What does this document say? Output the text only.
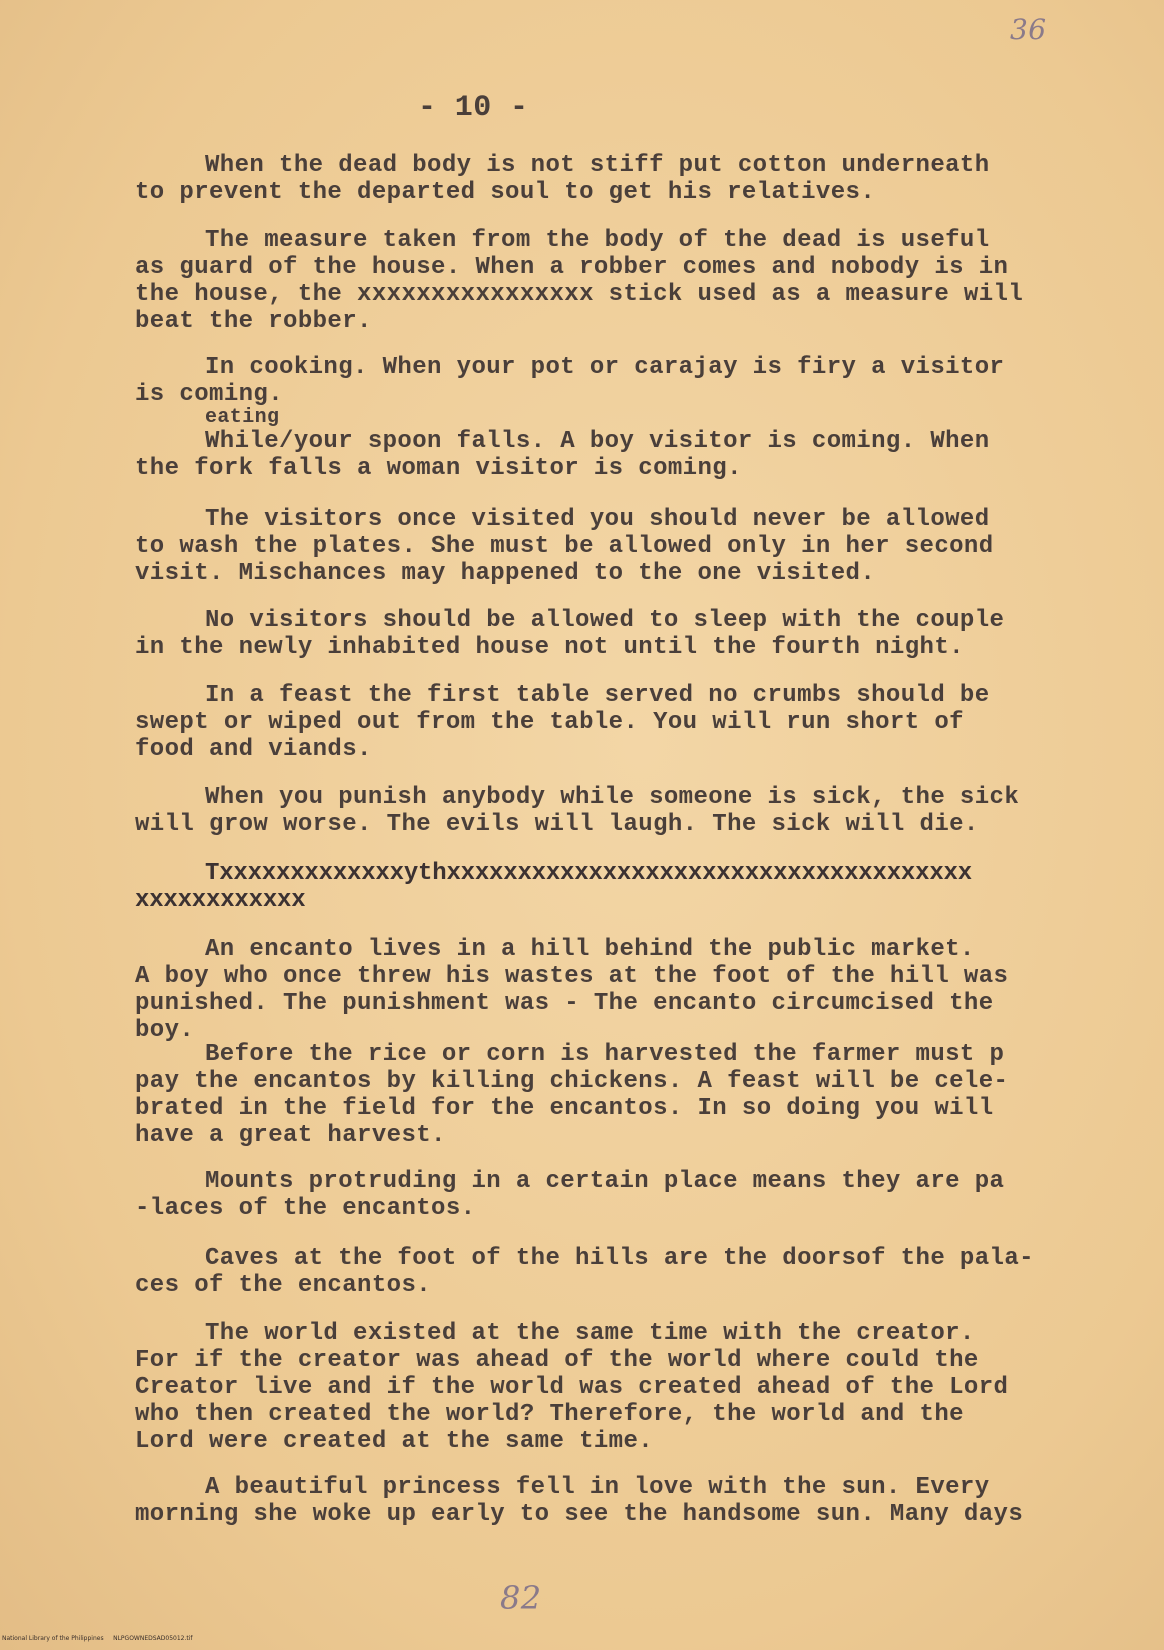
36
- 10 -
When the dead body is not stiff put cotton underneath
to prevent the departed soul to get his relatives.
The measure taken from the body of the dead is useful
as guard of the house. When a robber comes and nobody is in
the house, the xxxxxxxxxxxxxxxx stick used as a measure will
beat the robber.
In cooking. When your pot or carajay is firy a visitor
is coming.
eating
While/your spoon falls. A boy visitor is coming. When
the fork falls a woman visitor is coming.
The visitors once visited you should never be allowed
to wash the plates. She must be allowed only in her second
visit. Mischances may happened to the one visited.
No visitors should be allowed to sleep with the couple
in the newly inhabited house not until the fourth night.
In a feast the first table served no crumbs should be
swept or wiped out from the table. You will run short of
food and viands.
When you punish anybody while someone is sick, the sick
will grow worse. The evils will laugh. The sick will die.
Txxxxxxxxxxxxxythxxxxxxxxxxxxxxxxxxxxxxxxxxxxxxxxxxxxx
xxxxxxxxxxxx
An encanto lives in a hill behind the public market.
A boy who once threw his wastes at the foot of the hill was
punished. The punishment was - The encanto circumcised the
boy.
Before the rice or corn is harvested the farmer must p
pay the encantos by killing chickens. A feast will be cele-
brated in the field for the encantos. In so doing you will
have a great harvest.
Mounts protruding in a certain place means they are pa
-laces of the encantos.
Caves at the foot of the hills are the doorsof the pala-
ces of the encantos.
The world existed at the same time with the creator.
For if the creator was ahead of the world where could the
Creator live and if the world was created ahead of the Lord
who then created the world? Therefore, the world and the
Lord were created at the same time.
A beautiful princess fell in love with the sun. Every
morning she woke up early to see the handsome sun. Many days
82
National Library of the Philippines     NLPGOWNEDSAD05012.tif
